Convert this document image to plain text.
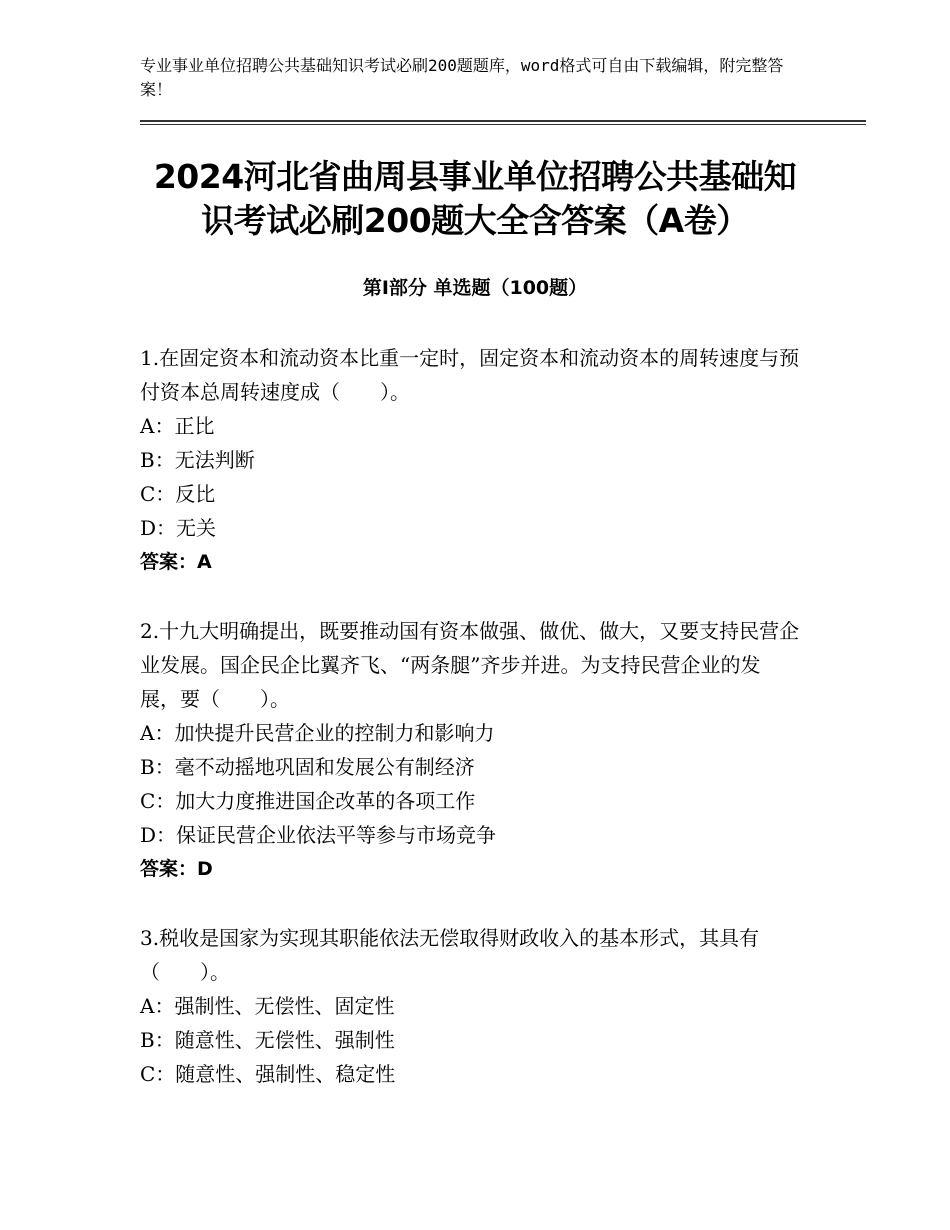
专业事业单位招聘公共基础知识考试必刷200题题库，word格式可自由下载编辑，附完整答案！
2024河北省曲周县事业单位招聘公共基础知识考试必刷200题大全含答案（A卷）
第Ⅰ部分 单选题（100题）

1.在固定资本和流动资本比重一定时，固定资本和流动资本的周转速度与预付资本总周转速度成（　　）。

A：正比

B：无法判断

C：反比

D：无关

答案：A

2.十九大明确提出，既要推动国有资本做强、做优、做大，又要支持民营企业发展。国企民企比翼齐飞、“两条腿”齐步并进。为支持民营企业的发展，要（　　）。

A：加快提升民营企业的控制力和影响力

B：毫不动摇地巩固和发展公有制经济

C：加大力度推进国企改革的各项工作

D：保证民营企业依法平等参与市场竞争

答案：D

3.税收是国家为实现其职能依法无偿取得财政收入的基本形式，其具有（　　）。

A：强制性、无偿性、固定性

B：随意性、无偿性、强制性

C：随意性、强制性、稳定性
